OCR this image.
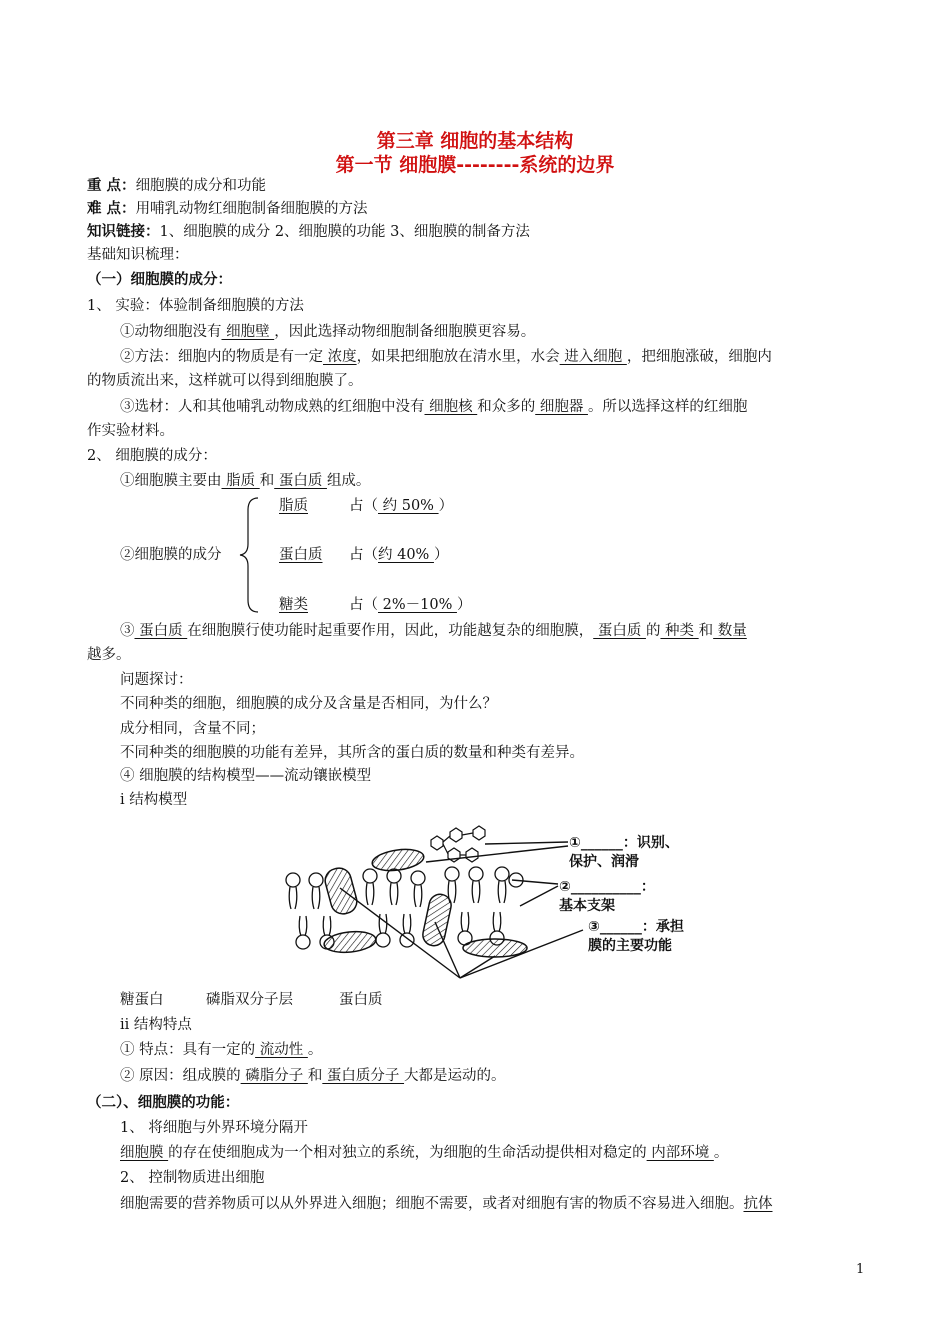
第三章 细胞的基本结构
第一节 细胞膜--------系统的边界
重 点：细胞膜的成分和功能
难 点：用哺乳动物红细胞制备细胞膜的方法
知识链接：1、细胞膜的成分 2、细胞膜的功能 3、细胞膜的制备方法
基础知识梳理：
（一）细胞膜的成分：
1、 实验：体验制备细胞膜的方法
①动物细胞没有 细胞壁 ，因此选择动物细胞制备细胞膜更容易。
②方法：细胞内的物质是有一定 浓度，如果把细胞放在清水里，水会 进入细胞 ，把细胞涨破，细胞内
的物质流出来，这样就可以得到细胞膜了。
③选材：人和其他哺乳动物成熟的红细胞中没有 细胞核 和众多的 细胞器 。所以选择这样的红细胞
作实验材料。
2、 细胞膜的成分：
①细胞膜主要由 脂质 和 蛋白质 组成。
②细胞膜的成分
脂质	占（ 约 50% ）
蛋白质占（约 40% ）
糖类	占（ 2%－10% ）
③ 蛋白质 在细胞膜行使功能时起重要作用，因此，功能越复杂的细胞膜， 蛋白质 的 种类 和 数量
越多。
问题探讨：
不同种类的细胞，细胞膜的成分及含量是否相同，为什么？
成分相同，含量不同；
不同种类的细胞膜的功能有差异，其所含的蛋白质的数量和种类有差异。
④ 细胞膜的结构模型——流动镶嵌模型
i 结构模型
①______：识别、
保护、润滑
②__________：
基本支架
③______：承担
膜的主要功能
糖蛋白	磷脂双分子层	蛋白质
ii 结构特点
① 特点：具有一定的 流动性 。
② 原因：组成膜的 磷脂分子 和 蛋白质分子 大都是运动的。
（二）、细胞膜的功能：
1、 将细胞与外界环境分隔开
细胞膜 的存在使细胞成为一个相对独立的系统，为细胞的生命活动提供相对稳定的 内部环境 。
2、 控制物质进出细胞
细胞需要的营养物质可以从外界进入细胞；细胞不需要，或者对细胞有害的物质不容易进入细胞。抗体
1
